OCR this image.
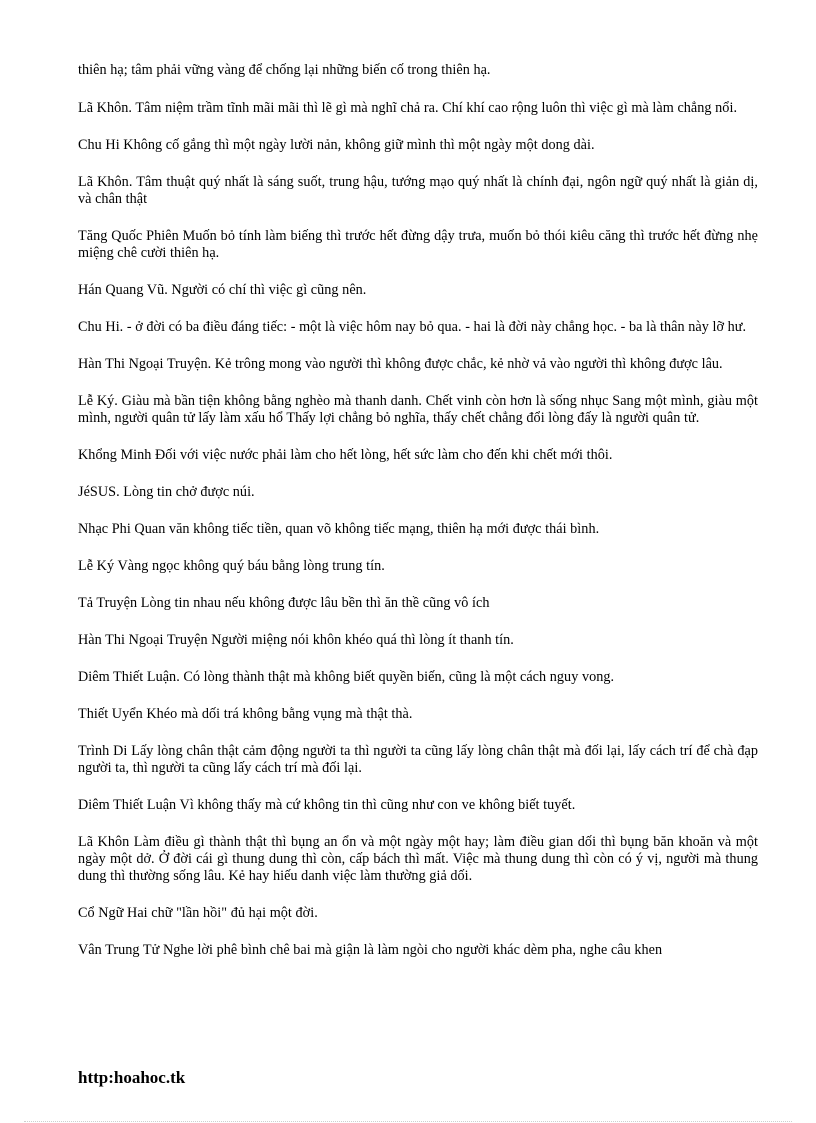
thiên hạ; tâm phải vững vàng để chống lại những biến cố trong thiên hạ.

Lã Khôn. Tâm niệm trầm tĩnh mãi mãi thì lẽ gì mà nghĩ chả ra. Chí khí cao rộng luôn thì việc gì mà làm chẳng nổi.

Chu Hi Không cố gắng thì một ngày lười nản, không giữ mình thì một ngày một dong dài.

Lã Khôn. Tâm thuật quý nhất là sáng suốt, trung hậu, tướng mạo quý nhất là chính đại, ngôn ngữ quý nhất là giản dị, và chân thật

Tăng Quốc Phiên Muốn bỏ tính làm biếng thì trước hết đừng dậy trưa, muốn bỏ thói kiêu căng thì trước hết đừng nhẹ miệng chê cười thiên hạ.

Hán Quang Vũ. Người có chí thì việc gì cũng nên.

Chu Hi. - ở đời có ba điều đáng tiếc: - một là việc hôm nay bỏ qua. - hai là đời này chẳng học. - ba là thân này lỡ hư.

Hàn Thi Ngoại Truyện. Kẻ trông mong vào người thì không được chắc, kẻ nhờ vả vào người thì không được lâu.

Lễ Ký. Giàu mà bần tiện không bằng nghèo mà thanh danh. Chết vinh còn hơn là sống nhục Sang một mình, giàu một mình, người quân tử lấy làm xấu hổ Thấy lợi chẳng bỏ nghĩa, thấy chết chẳng đổi lòng đấy là người quân tử.

Khổng Minh Đối với việc nước phải làm cho hết lòng, hết sức làm cho đến khi chết mới thôi.

JéSUS. Lòng tin chở được núi.

Nhạc Phi Quan văn không tiếc tiền, quan võ không tiếc mạng, thiên hạ mới được thái bình.

Lễ Ký Vàng ngọc không quý báu bằng lòng trung tín.

Tả Truyện Lòng tin nhau nếu không được lâu bền thì ăn thề cũng vô ích

Hàn Thi Ngoại Truyện Người miệng nói khôn khéo quá thì lòng ít thanh tín.

Diêm Thiết Luận. Có lòng thành thật mà không biết quyền biến, cũng là một cách nguy vong.

Thiết Uyển Khéo mà dối trá không bằng vụng mà thật thà.

Trình Di Lấy lòng chân thật cảm động người ta thì người ta cũng lấy lòng chân thật mà đối lại, lấy cách trí để chà đạp người ta, thì người ta cũng lấy cách trí mà đối lại.

Diêm Thiết Luận Vì không thấy mà cứ không tin thì cũng như con ve không biết tuyết.

Lã Khôn Làm điều gì thành thật thì bụng an ổn và một ngày một hay; làm điều gian dối thì bụng băn khoăn và một ngày một dở. Ở đời cái gì thung dung thì còn, cấp bách thì mất. Việc mà thung dung thì còn có ý vị, người mà thung dung thì thường sống lâu. Kẻ hay hiếu danh việc làm thường giả dối.

Cổ Ngữ Hai chữ "lần hồi" đủ hại một đời.

Vân Trung Tử Nghe lời phê bình chê bai mà giận là làm ngòi cho người khác dèm pha, nghe câu khen

http:hoahoc.tk
